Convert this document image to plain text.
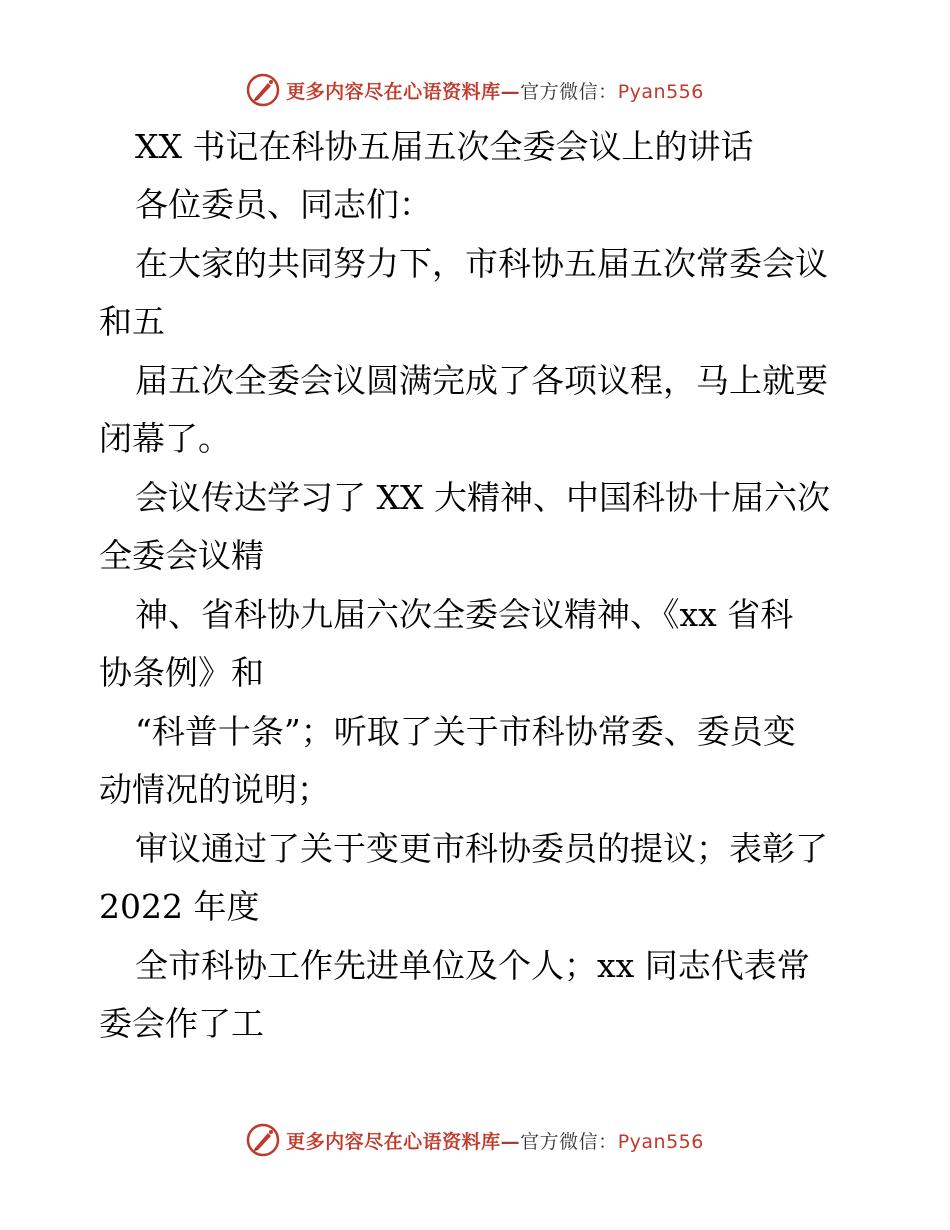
更多内容尽在心语资料库—官方微信：Pyan556
XX 书记在科协五届五次全委会议上的讲话
各位委员、同志们：
在大家的共同努力下，市科协五届五次常委会议
和五
届五次全委会议圆满完成了各项议程，马上就要
闭幕了。
会议传达学习了 XX 大精神、中国科协十届六次
全委会议精
神、省科协九届六次全委会议精神、《xx 省科
协条例》和
“科普十条”；听取了关于市科协常委、委员变
动情况的说明；
审议通过了关于变更市科协委员的提议；表彰了
2022 年度
全市科协工作先进单位及个人；xx 同志代表常
委会作了工
更多内容尽在心语资料库—官方微信：Pyan556
